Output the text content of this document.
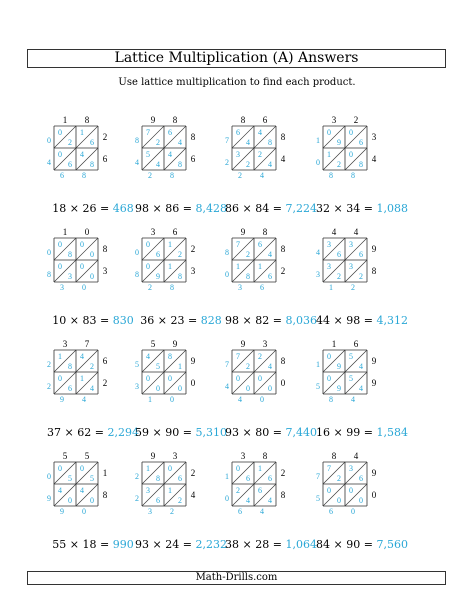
Lattice Multiplication (A) Answers
Use lattice multiplication to find each product.
1 8
2
6
0
2
1
6
0
6
4
8
0
4
6 8
18 × 26 = 468
9 8
8
6
7
2
6
4
5
4
4
8
8
4
2 8
98 × 86 = 8,428
8 6
8
4
6
4
4
8
3
2
2
4
7
2
2 4
86 × 84 = 7,224
3 2
3
4
0
9
0
6
1
2
0
8
1
0
8 8
32 × 34 = 1,088
1 0
8
3
0
8
0
0
0
3
0
0
0
8
3 0
10 × 83 = 830
3 6
2
3
0
6
1
2
0
9
1
8
0
8
2 8
36 × 23 = 828
9 8
8
2
7
2
6
4
1
8
1
6
8
0
3 6
98 × 82 = 8,036
4 4
9
8
3
6
3
6
3
2
3
2
4
3
1 2
44 × 98 = 4,312
3 7
6
2
1
8
4
2
0
6
1
4
2
2
9 4
37 × 62 = 2,294
5 9
9
0
4
5
8
1
0
0
0
0
5
3
1 0
59 × 90 = 5,310
9 3
8
0
7
2
2
4
0
0
0
0
7
4
4 0
93 × 80 = 7,440
1 6
9
9
0
9
5
4
0
9
5
4
1
5
8 4
16 × 99 = 1,584
5 5
1
8
0
5
0
5
4
0
4
0
0
9
9 0
55 × 18 = 990
9 3
2
4
1
8
0
6
3
6
1
2
2
2
3 2
93 × 24 = 2,232
3 8
2
8
0
6
1
6
2
4
6
4
1
0
6 4
38 × 28 = 1,064
8 4
9
0
7
2
3
6
0
0
0
0
7
5
6 0
84 × 90 = 7,560
Math-Drills.com
